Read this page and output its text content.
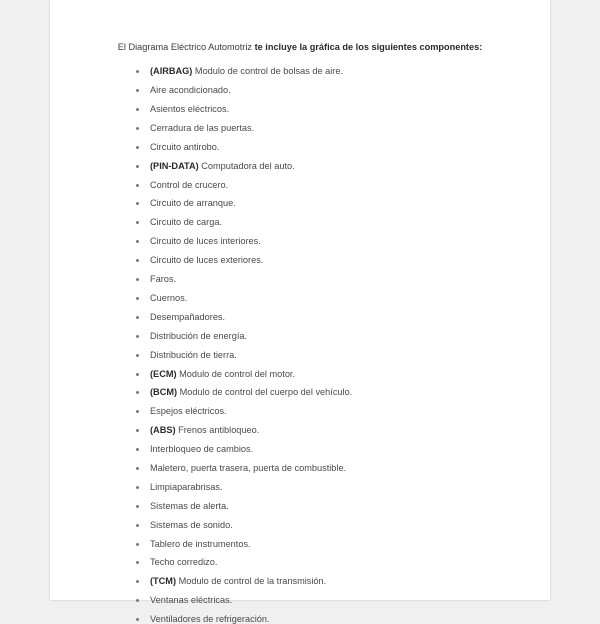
El Diagrama Eléctrico Automotriz te incluye la gráfica de los siguientes componentes:

(AIRBAG) Modulo de control de bolsas de aire.
Aire acondicionado.
Asientos eléctricos.
Cerradura de las puertas.
Circuito antirobo.
(PIN-DATA) Computadora del auto.
Control de crucero.
Circuito de arranque.
Circuito de carga.
Circuito de luces interiores.
Circuito de luces exteriores.
Faros.
Cuernos.
Desempañadores.
Distribución de energía.
Distribución de tierra.
(ECM) Modulo de control del motor.
(BCM) Modulo de control del cuerpo del vehículo.
Espejos eléctricos.
(ABS) Frenos antibloqueo.
Interbloqueo de cambios.
Maletero, puerta trasera, puerta de combustible.
Limpiaparabrisas.
Sistemas de alerta.
Sistemas de sonido.
Tablero de instrumentos.
Techo corredizo.
(TCM) Modulo de control de la transmisión.
Ventanas eléctricas.
Ventiladores de refrigeración.
